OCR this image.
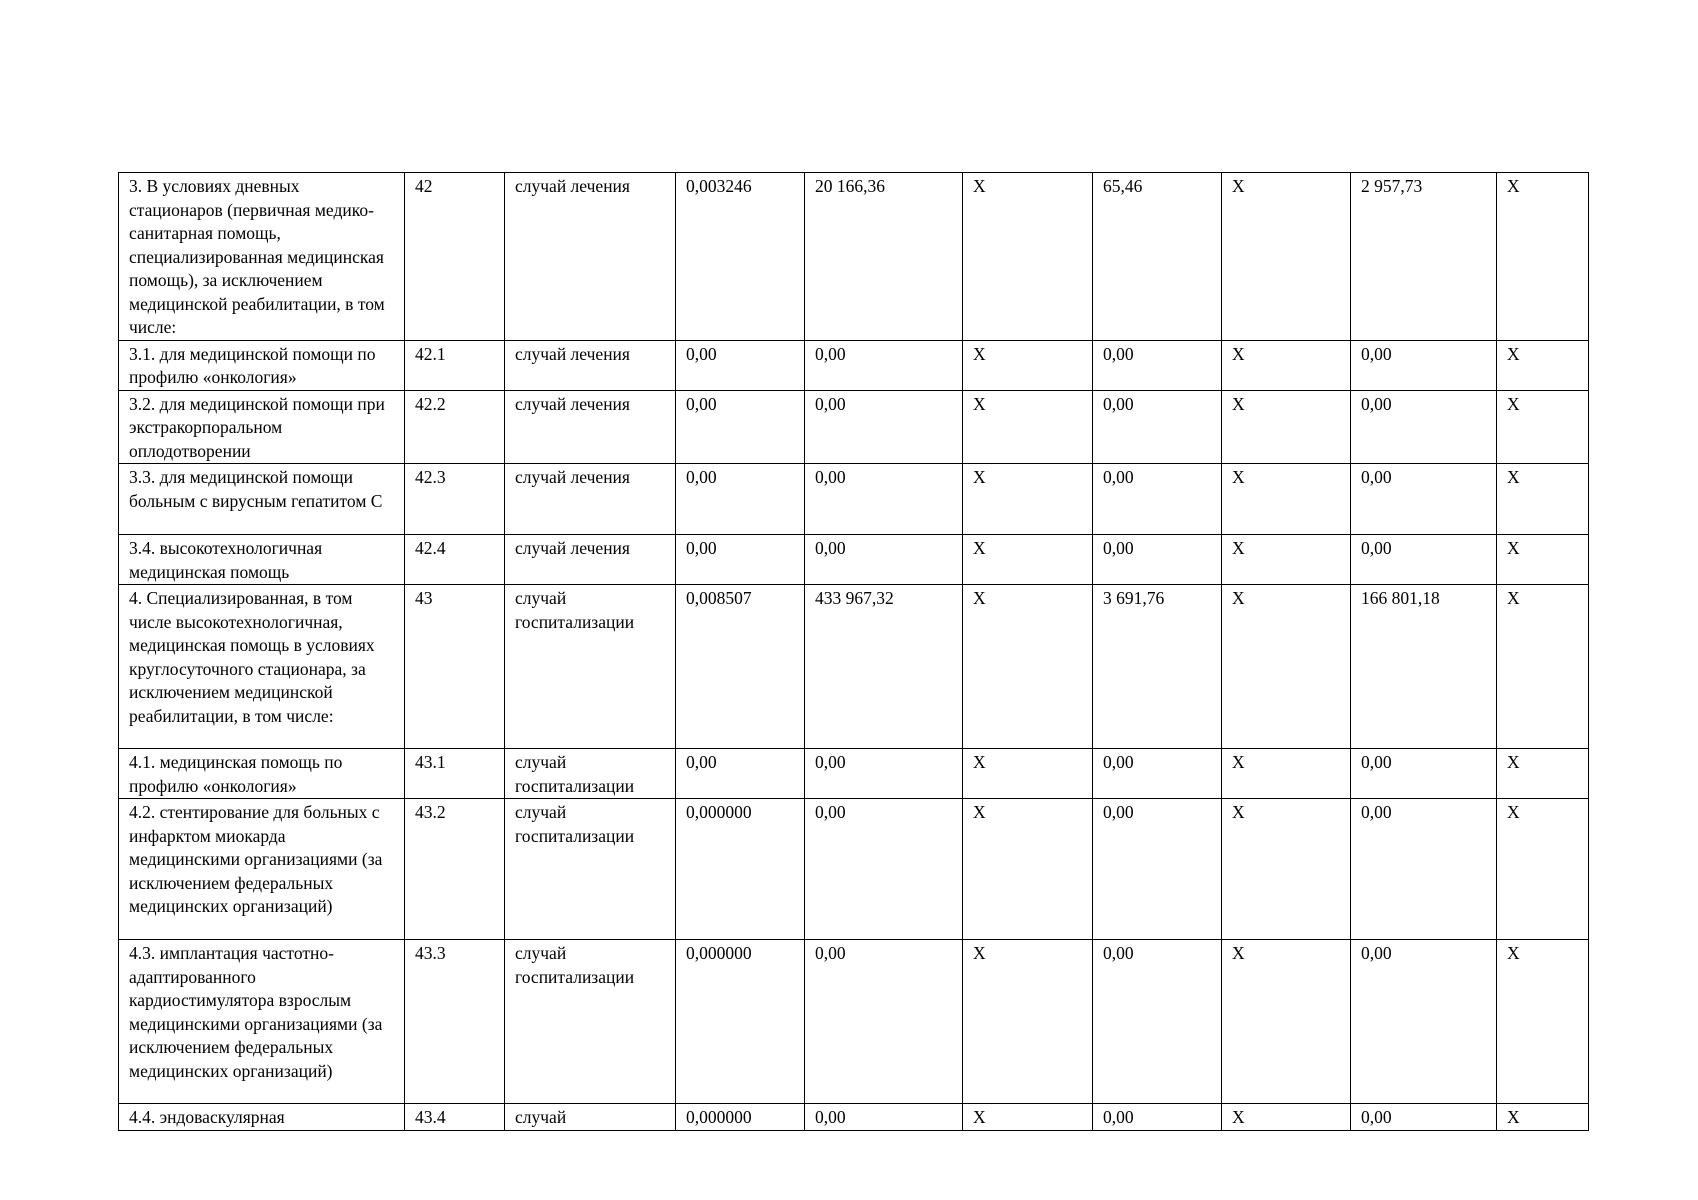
3. В условиях дневных стационаров (первичная медико-санитарная помощь, специализированная медицинская помощь), за исключением медицинской реабилитации, в том числе:	42	случай лечения	0,003246	20 166,36	Х	65,46	Х	2 957,73	Х

3.1. для медицинской помощи по профилю «онкология»	42.1	случай лечения	0,00	0,00	Х	0,00	Х	0,00	Х

3.2. для медицинской помощи при экстракорпоральном оплодотворении	42.2	случай лечения	0,00	0,00	Х	0,00	Х	0,00	Х

3.3. для медицинской помощи больным с вирусным гепатитом С	42.3	случай лечения	0,00	0,00	Х	0,00	Х	0,00	Х

3.4. высокотехнологичная медицинская помощь	42.4	случай лечения	0,00	0,00	Х	0,00	Х	0,00	Х

4. Специализированная, в том числе высокотехнологичная, медицинская помощь в условиях круглосуточного стационара, за исключением медицинской реабилитации, в том числе:	43	случай госпитализации	0,008507	433 967,32	Х	3 691,76	Х	166 801,18	Х

4.1. медицинская помощь по профилю «онкология»	43.1	случай госпитализации	0,00	0,00	Х	0,00	Х	0,00	Х

4.2. стентирование для больных с инфарктом миокарда медицинскими организациями (за исключением федеральных медицинских организаций)	43.2	случай госпитализации	0,000000	0,00	Х	0,00	Х	0,00	Х

4.3. имплантация частотно-адаптированного кардиостимулятора взрослым медицинскими организациями (за исключением федеральных медицинских организаций)	43.3	случай госпитализации	0,000000	0,00	Х	0,00	Х	0,00	Х

4.4. эндоваскулярная	43.4	случай	0,000000	0,00	Х	0,00	Х	0,00	Х
